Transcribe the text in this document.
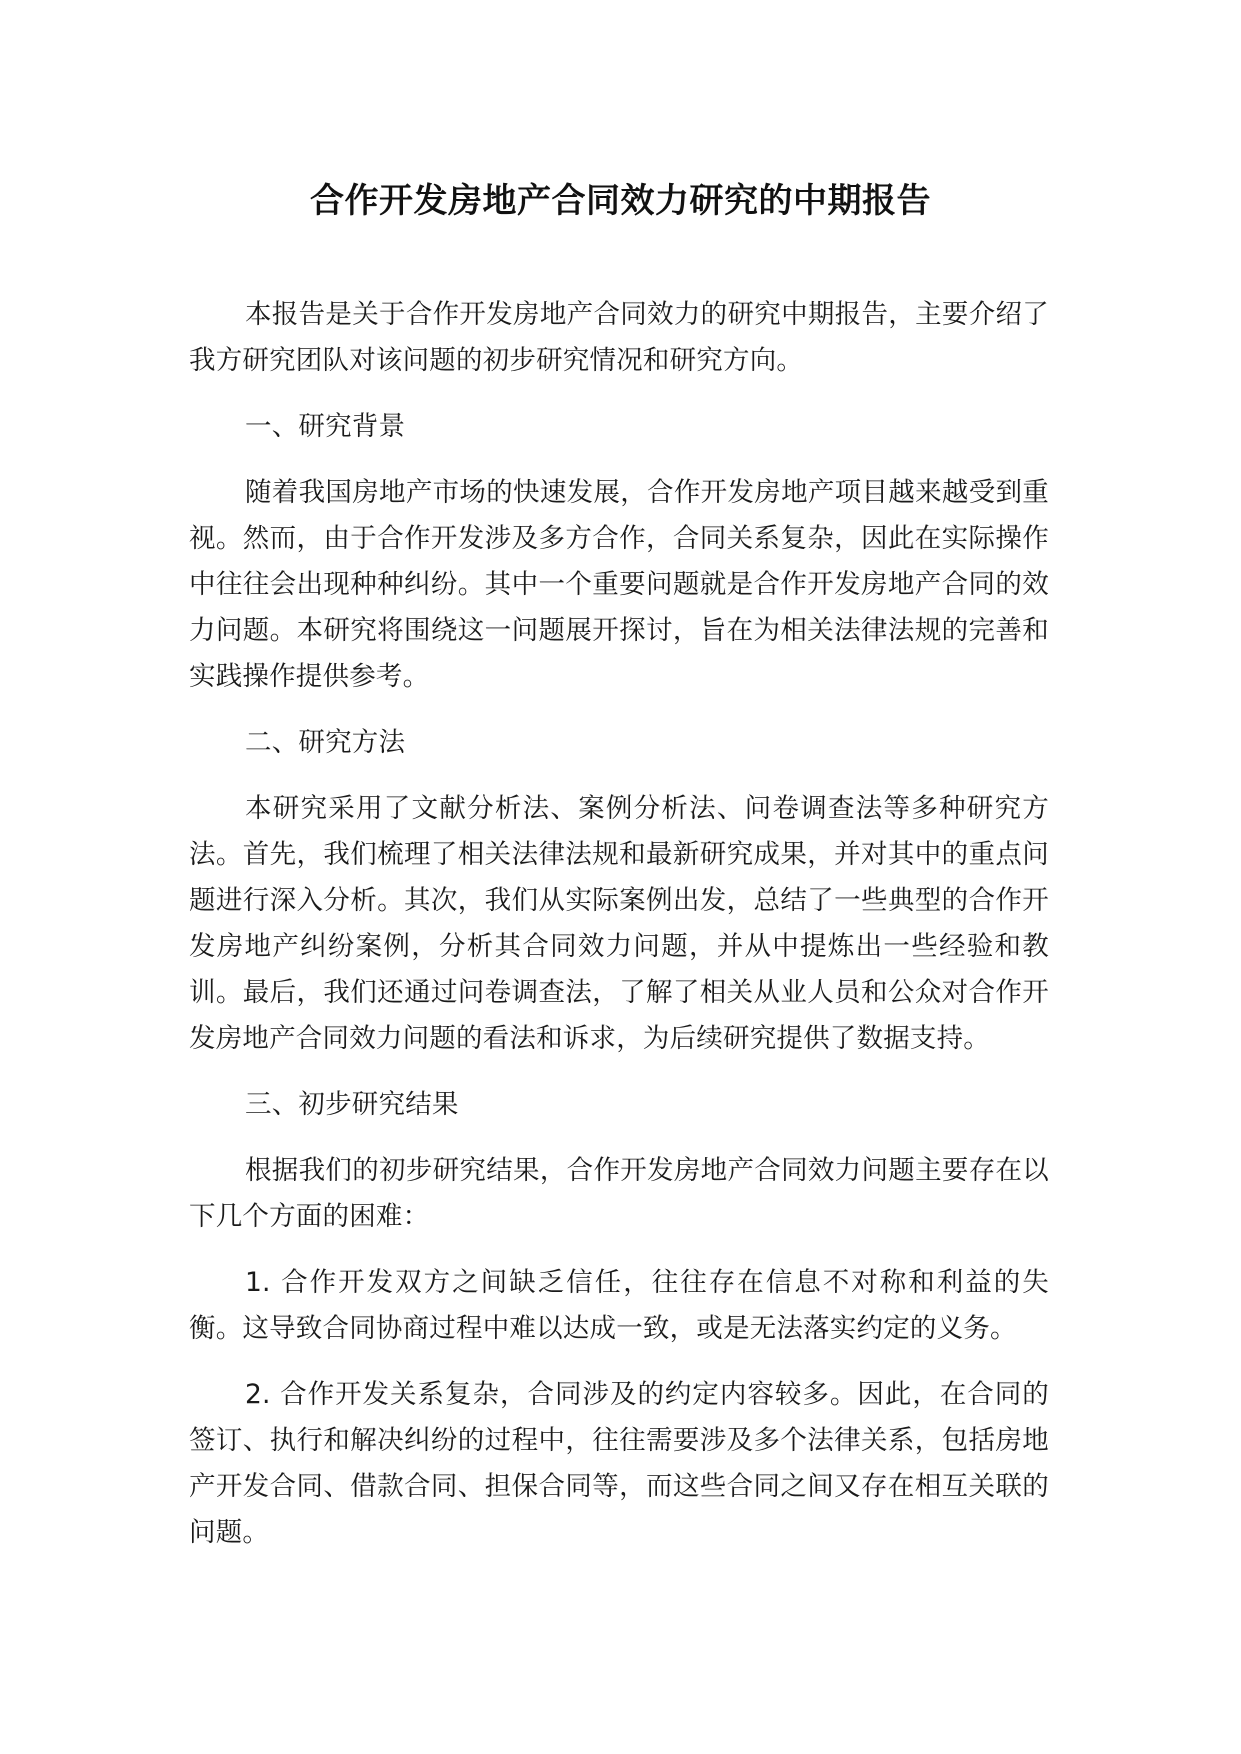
合作开发房地产合同效力研究的中期报告

本报告是关于合作开发房地产合同效力的研究中期报告，主要介绍了我方研究团队对该问题的初步研究情况和研究方向。

一、研究背景

随着我国房地产市场的快速发展，合作开发房地产项目越来越受到重视。然而，由于合作开发涉及多方合作，合同关系复杂，因此在实际操作中往往会出现种种纠纷。其中一个重要问题就是合作开发房地产合同的效力问题。本研究将围绕这一问题展开探讨，旨在为相关法律法规的完善和实践操作提供参考。

二、研究方法

本研究采用了文献分析法、案例分析法、问卷调查法等多种研究方法。首先，我们梳理了相关法律法规和最新研究成果，并对其中的重点问题进行深入分析。其次，我们从实际案例出发，总结了一些典型的合作开发房地产纠纷案例，分析其合同效力问题，并从中提炼出一些经验和教训。最后，我们还通过问卷调查法，了解了相关从业人员和公众对合作开发房地产合同效力问题的看法和诉求，为后续研究提供了数据支持。

三、初步研究结果

根据我们的初步研究结果，合作开发房地产合同效力问题主要存在以下几个方面的困难：

1. 合作开发双方之间缺乏信任，往往存在信息不对称和利益的失衡。这导致合同协商过程中难以达成一致，或是无法落实约定的义务。

2. 合作开发关系复杂，合同涉及的约定内容较多。因此，在合同的签订、执行和解决纠纷的过程中，往往需要涉及多个法律关系，包括房地产开发合同、借款合同、担保合同等，而这些合同之间又存在相互关联的问题。
